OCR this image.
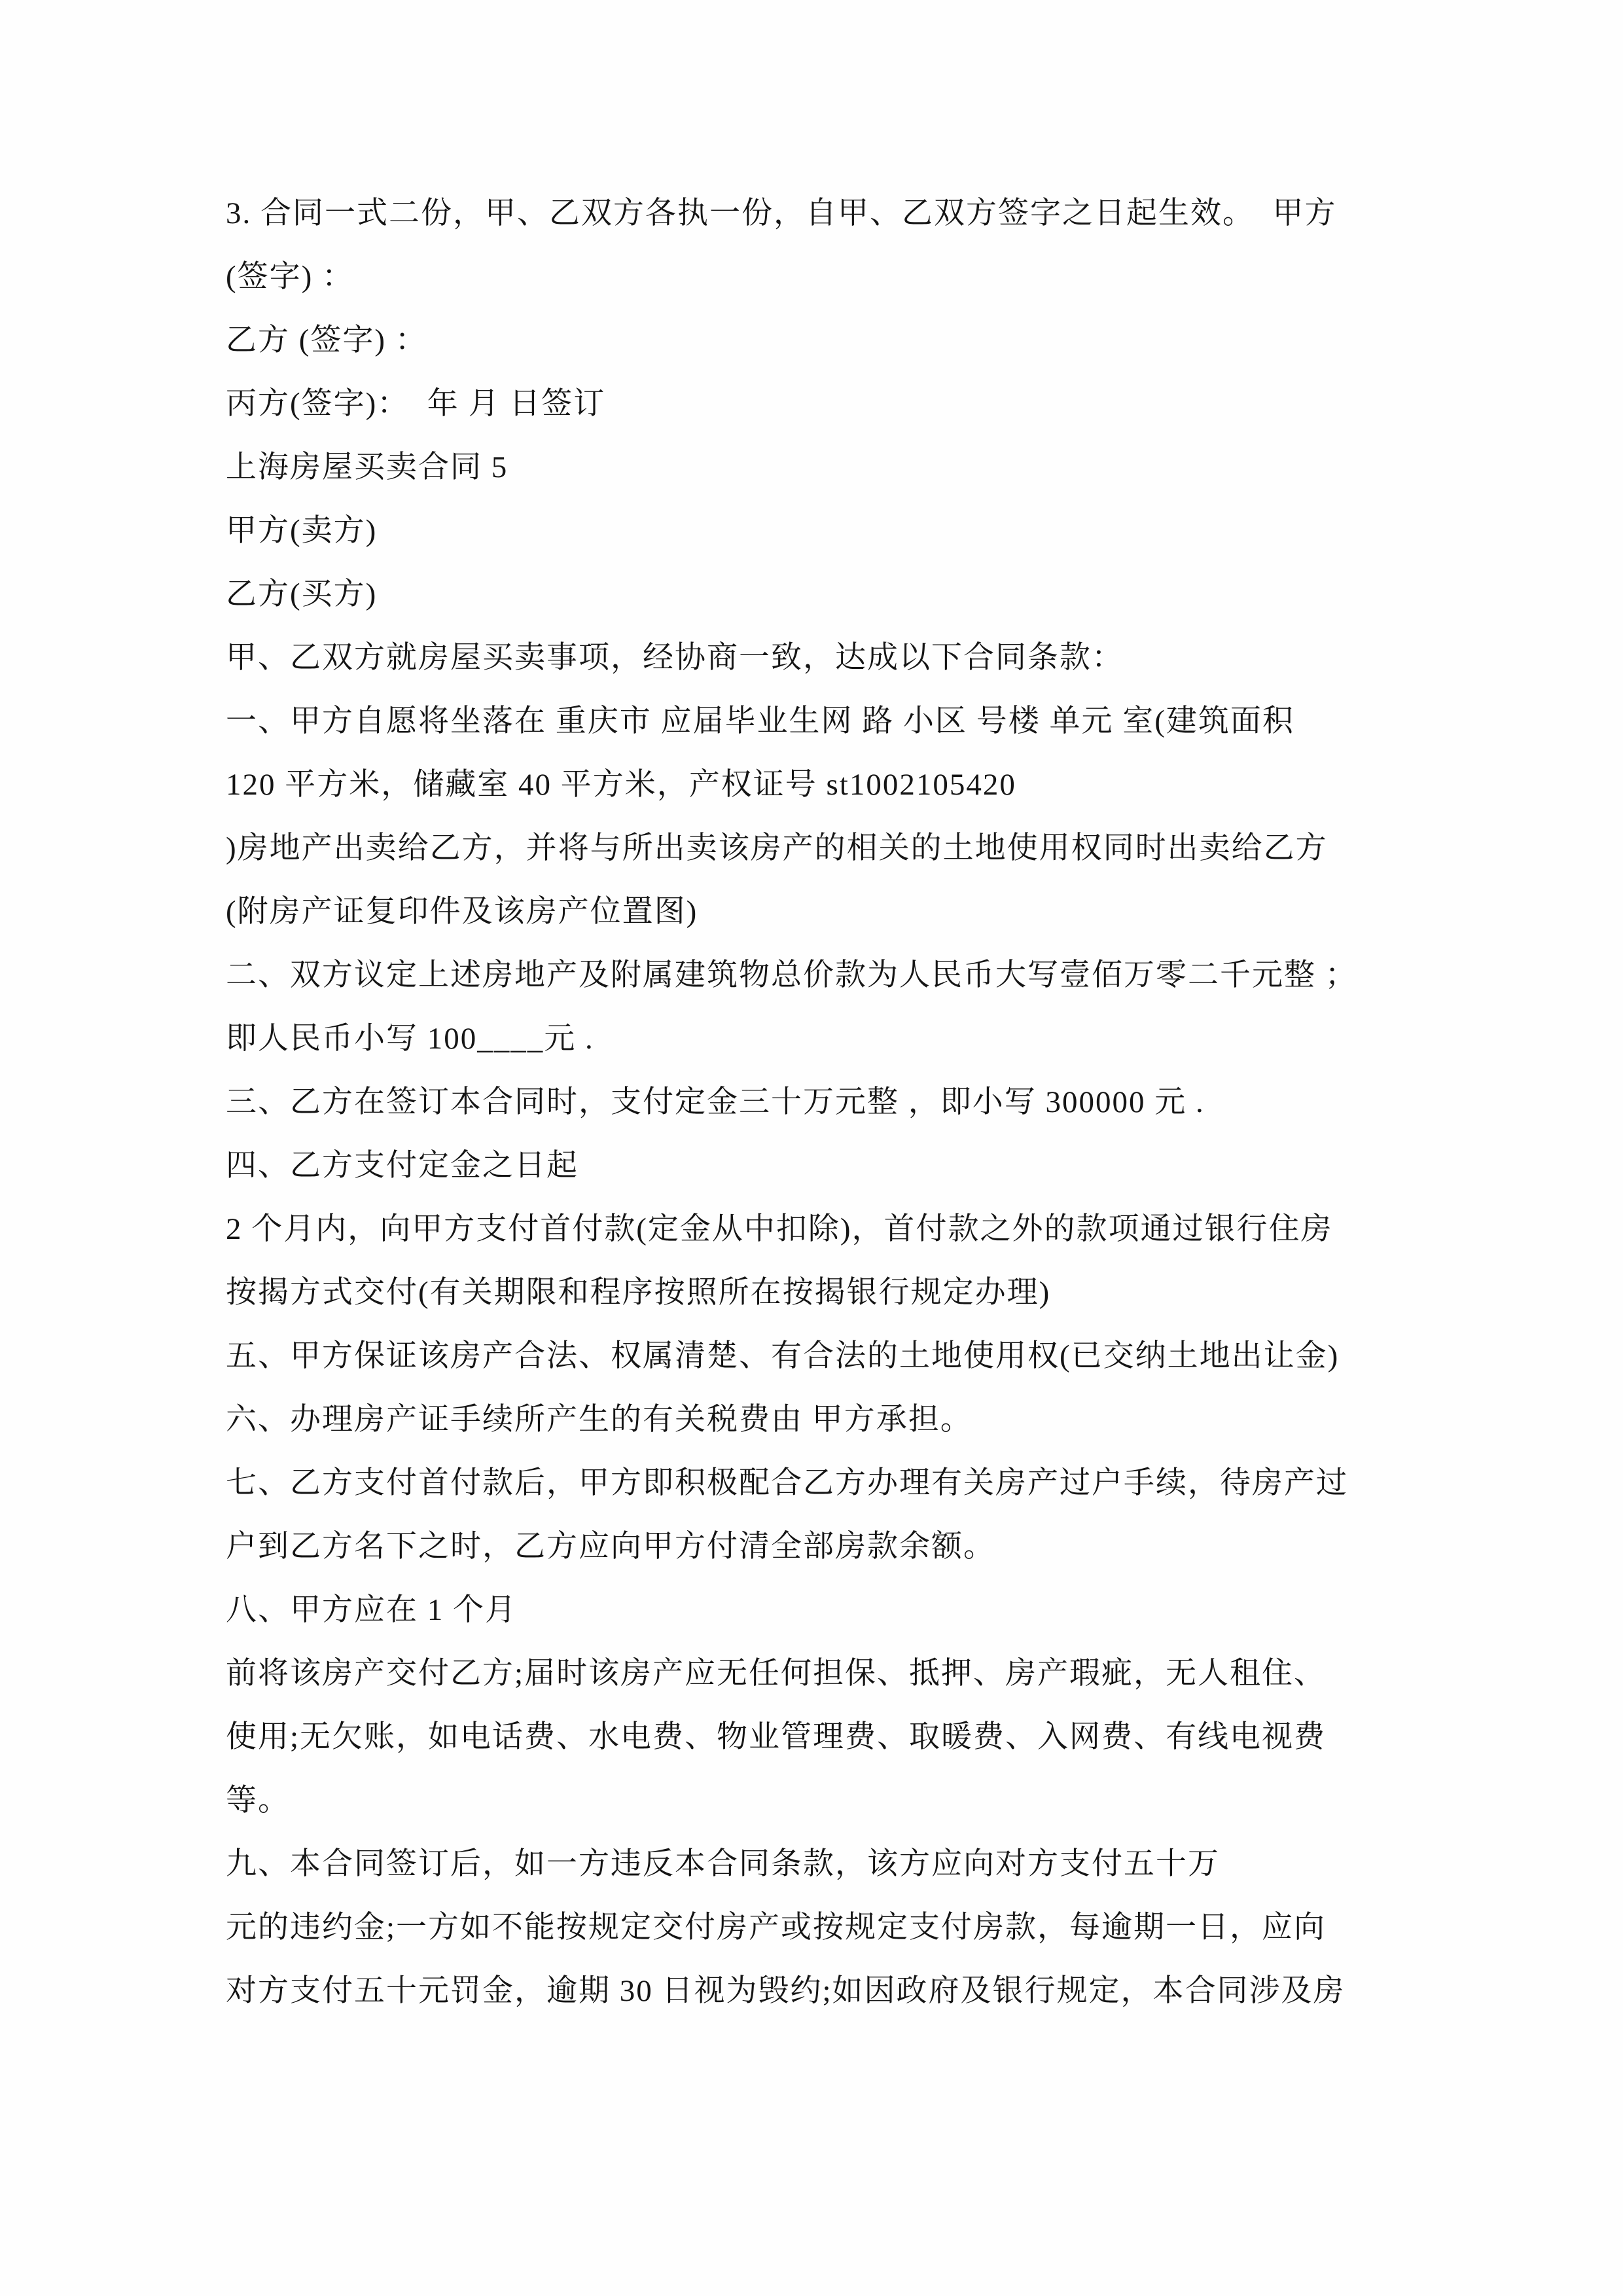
3. 合同一式二份，甲、乙双方各执一份，自甲、乙双方签字之日起生效。  甲方

(签字) ：

乙方 (签字) ：

丙方(签字)：  年 月 日签订

上海房屋买卖合同 5

甲方(卖方)

乙方(买方)

甲、乙双方就房屋买卖事项，经协商一致，达成以下合同条款：

一、甲方自愿将坐落在 重庆市 应届毕业生网 路 小区 号楼 单元 室(建筑面积

120 平方米，储藏室 40 平方米，产权证号 st1002105420

)房地产出卖给乙方，并将与所出卖该房产的相关的土地使用权同时出卖给乙方

(附房产证复印件及该房产位置图)

二、双方议定上述房地产及附属建筑物总价款为人民币大写壹佰万零二千元整 ；

即人民币小写 100____元 .

三、乙方在签订本合同时，支付定金三十万元整 ，即小写 300000 元 .

四、乙方支付定金之日起

2 个月内，向甲方支付首付款(定金从中扣除)，首付款之外的款项通过银行住房

按揭方式交付(有关期限和程序按照所在按揭银行规定办理)

五、甲方保证该房产合法、权属清楚、有合法的土地使用权(已交纳土地出让金)

六、办理房产证手续所产生的有关税费由 甲方承担。

七、乙方支付首付款后，甲方即积极配合乙方办理有关房产过户手续，待房产过

户到乙方名下之时，乙方应向甲方付清全部房款余额。

八、甲方应在 1 个月

前将该房产交付乙方;届时该房产应无任何担保、抵押、房产瑕疵，无人租住、

使用;无欠账，如电话费、水电费、物业管理费、取暖费、入网费、有线电视费

等。

九、本合同签订后，如一方违反本合同条款，该方应向对方支付五十万

元的违约金;一方如不能按规定交付房产或按规定支付房款，每逾期一日，应向

对方支付五十元罚金，逾期 30 日视为毁约;如因政府及银行规定，本合同涉及房
